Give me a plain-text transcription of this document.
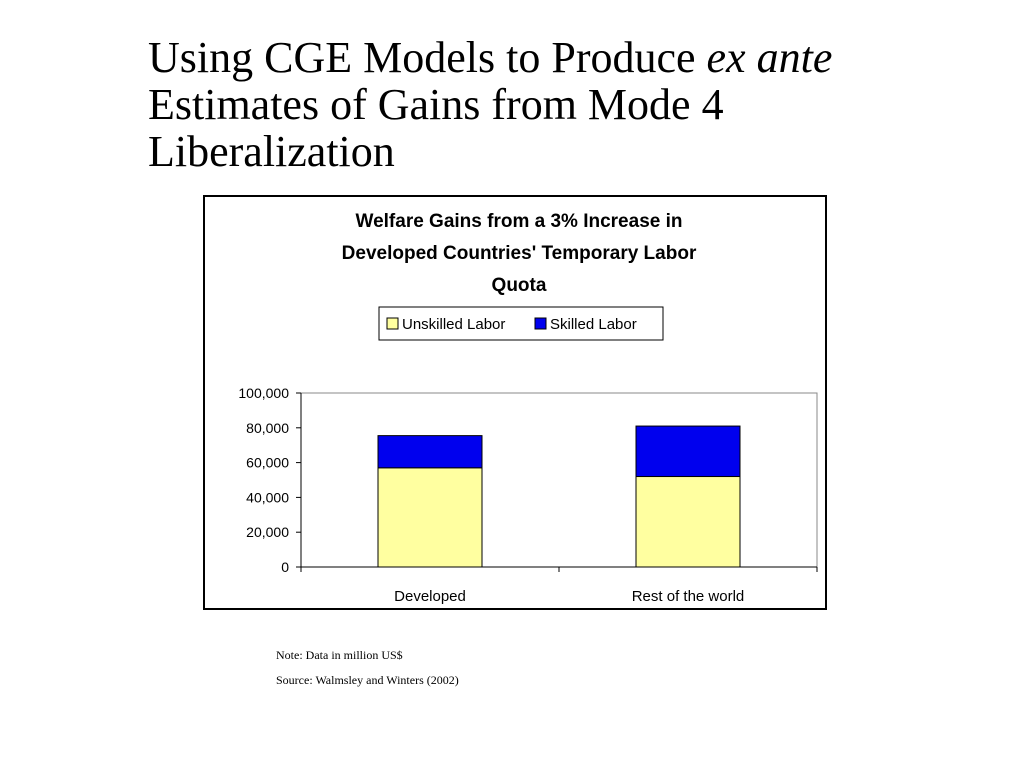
Using CGE Models to Produce ex ante
Estimates of Gains from Mode 4
Liberalization
Welfare Gains from a 3% Increase in
Developed Countries' Temporary Labor
Quota
Unskilled Labor	Skilled Labor
0
20,000
40,000
60,000
80,000
100,000
Developed	Rest of the world

Note: Data in million US$

Source: Walmsley and Winters (2002)
